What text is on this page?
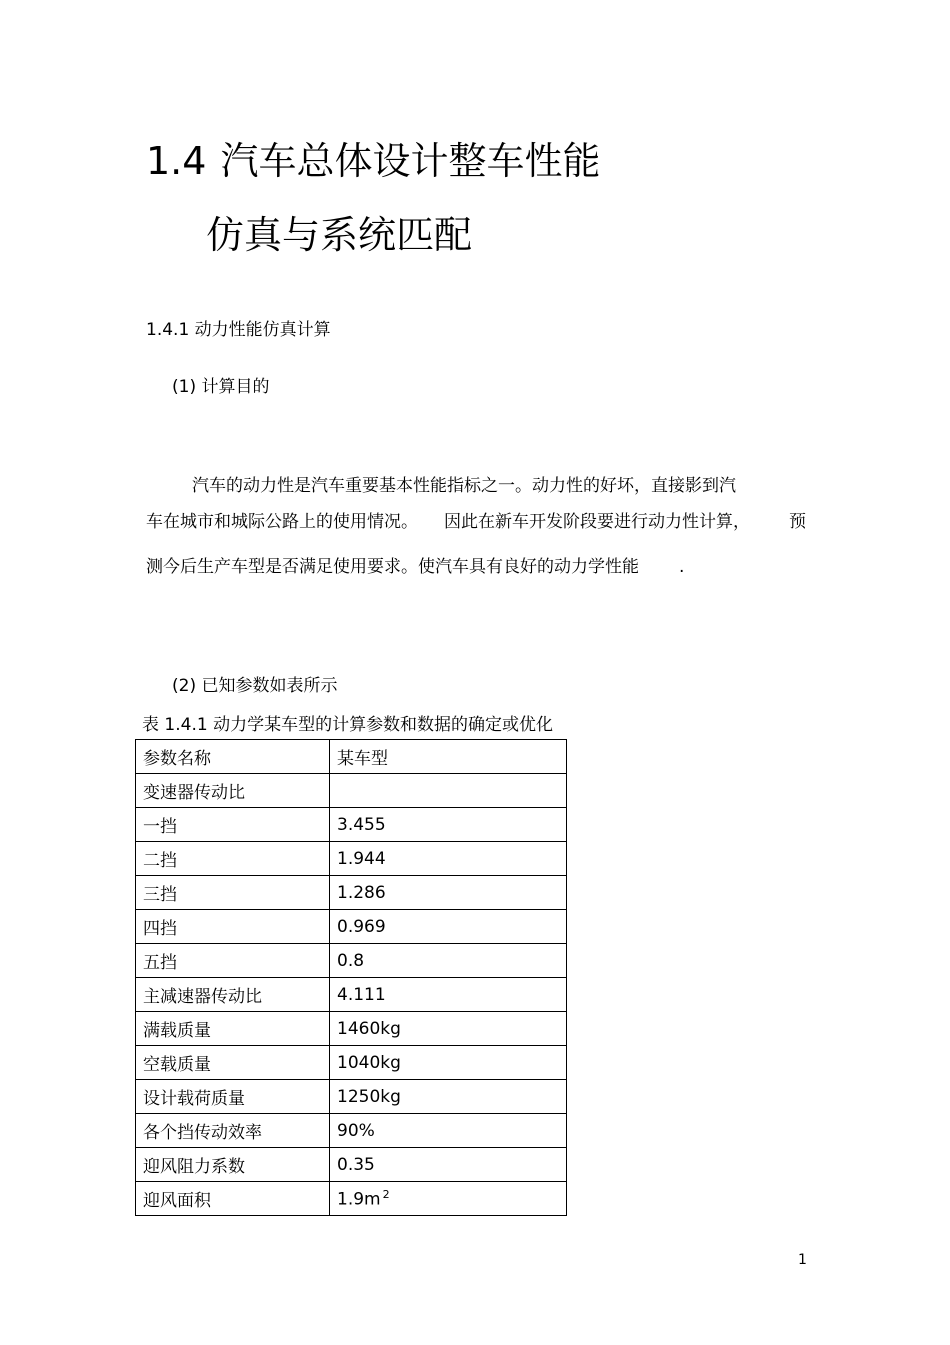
1.4 汽车总体设计整车性能
仿真与系统匹配
1.4.1 动力性能仿真计算
(1) 计算目的
汽车的动力性是汽车重要基本性能指标之一。动力性的好坏，直接影到汽
车在城市和城际公路上的使用情况。 因此在新车开发阶段要进行动力性计算， 预
测今后生产车型是否满足使用要求。使汽车具有良好的动力学性能 .
(2) 已知参数如表所示
表 1.4.1 动力学某车型的计算参数和数据的确定或优化
参数名称	某车型
变速器传动比	
一挡	3.455
二挡	1.944
三挡	1.286
四挡	0.969
五挡	0.8
主减速器传动比	4.111
满载质量	1460kg
空载质量	1040kg
设计载荷质量	1250kg
各个挡传动效率	90%
迎风阻力系数	0.35
迎风面积	1.9m $^2$
1
